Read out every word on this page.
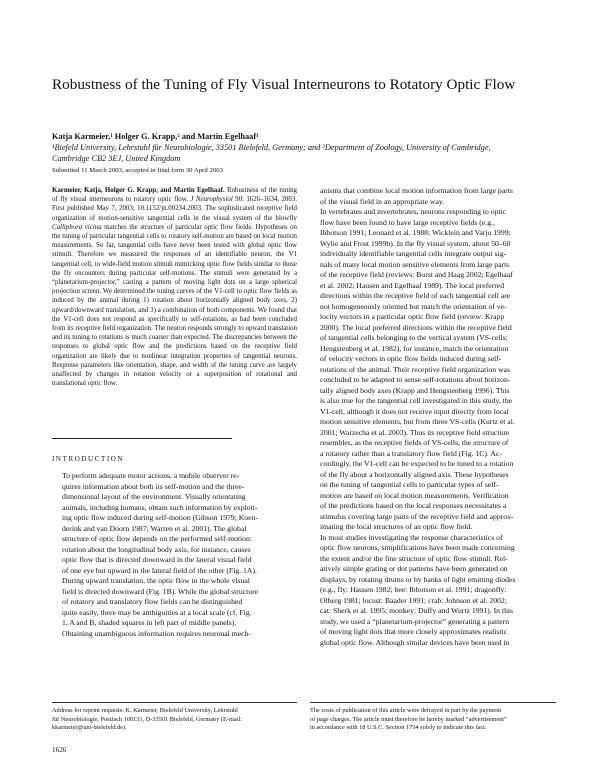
Robustness of the Tuning of Fly Visual Interneurons to Rotatory Optic Flow
Katja Karmeier,¹ Holger G. Krapp,² and Martin Egelhaaf¹
¹Biefeld University, Lehrstuhl für Neurobiologie, 33501 Bielefeld, Germany; and ²Department of Zoology, University of Cambridge,
Cambridge CB2 3EJ, United Kingdom
Submitted 11 March 2003; accepted in final form 30 April 2003

Karmeier, Katja, Holger G. Krapp, and Martin Egelhaaf. Robustness of the tuning of fly visual interneurons to rotatory optic flow. J Neurophysiol 90: 1626–1634, 2003. First published May 7, 2003; 10.1152/jn.00234.2003. The sophisticated receptive field organization of motion-sensitive tangential cells in the visual system of the blowfly Calliphora vicina matches the structure of particular optic flow fields. Hypotheses on the tuning of particular tangential cells to rotatory self-motion are based on local motion measurements. So far, tangential cells have never been tested with global optic flow stimuli. Therefore we measured the responses of an identifiable neuron, the V1 tangential cell, to wide-field motion stimuli mimicking optic flow fields similar to those the fly encounters during particular self-motions. The stimuli were generated by a “planetarium-projector,” casting a pattern of moving light dots on a large spherical projection screen. We determined the tuning curves of the V1-cell to optic flow fields as induced by the animal during 1) rotation about horizontally aligned body axes, 2) upward/downward translation, and 3) a combination of both components. We found that the V1-cell does not respond as specifically to self-rotations, as had been concluded from its receptive field organization. The neuron responds strongly to upward translation and its tuning to rotations is much coarser than expected. The discrepancies between the responses to global optic flow and the predictions based on the receptive field organization are likely due to nonlinear integration properties of tangential neurons. Response parameters like orientation, shape, and width of the tuning curve are largely unaffected by changes in rotation velocity or a superposition of rotational and translational optic flow.

INTRODUCTION
To perform adequate motor actions, a mobile observer re-
quires information about both its self-motion and the three-
dimensional layout of the environment. Visually orientating
animals, including humans, obtain such information by exploit-
ing optic flow induced during self-motion (Gibson 1979; Koen-
derink and van Doorn 1987; Warren et al. 2001). The global
structure of optic flow depends on the performed self-motion:
rotation about the longitudinal body axis, for instance, causes
optic flow that is directed downward in the lateral visual field
of one eye but upward in the lateral field of the other (Fig. 1A).
During upward translation, the optic flow in the whole visual
field is directed downward (Fig. 1B). While the global structure
of rotatory and translatory flow fields can be distinguished
quite easily, there may be ambiguities at a local scale (cf. Fig.
1, A and B, shaded squares in left part of middle panels).
Obtaining unambiguous information requires neuronal mech-
anisms that combine local motion information from large parts
of the visual field in an appropriate way.
In vertebrates and invertebrates, neurons responding to optic
flow have been found to have large receptive fields (e.g.,
Ibbotson 1991; Leonard et al. 1988; Wicklein and Varju 1999;
Wylie and Frost 1999b). In the fly visual system, about 50–60
individually identifiable tangential cells integrate output sig-
nals of many local motion sensitive elements from large parts
of the receptive field (reviews: Borst and Haag 2002; Egelhaaf
et al. 2002; Hausen and Egelhaaf 1989). The local preferred
directions within the receptive field of each tangential cell are
not homogeneously oriented but match the orientation of ve-
locity vectors in a particular optic flow field (review: Krapp
2000). The local preferred directions within the receptive field
of tangential cells belonging to the vertical system (VS-cells;
Hengstenberg et al. 1982), for instance, match the orientation
of velocity vectors in optic flow fields induced during self-
rotations of the animal. Their receptive field organization was
concluded to be adapted to sense self-rotations about horizon-
tally aligned body axes (Krapp and Hengstenberg 1996). This
is also true for the tangential cell investigated in this study, the
V1-cell, although it does not receive input directly from local
motion sensitive elements, but from three VS-cells (Kurtz et al.
2001; Warzecha et al. 2003). Thus its receptive field structure
resembles, as the receptive fields of VS-cells, the structure of
a rotatory rather than a translatory flow field (Fig. 1C). Ac-
cordingly, the V1-cell can be expected to be tuned to a rotation
of the fly about a horizontally aligned axis. These hypotheses
on the tuning of tangential cells to particular types of self-
motion are based on local motion measurements. Verification
of the predictions based on the local responses necessitates a
stimulus covering large parts of the receptive field and approx-
imating the local structures of an optic flow field.
In most studies investigating the response characteristics of
optic flow neurons, simplifications have been made concerning
the extent and/or the fine structure of optic flow stimuli. Rel-
atively simple grating or dot patterns have been generated on
displays, by rotating drums or by banks of light emitting diodes
(e.g., fly: Hausen 1982; bee: Ibbotson et al. 1991; dragonfly:
Olberg 1981; locust: Baader 1991; crab: Johnson et al. 2002;
cat: Sherk et al. 1995; monkey: Duffy and Wurtz 1991). In this
study, we used a “planetarium-projector” generating a pattern
of moving light dots that more closely approximates realistic
global optic flow. Although similar devices have been used in
Address for reprint requests: K. Karmeier, Bielefeld University, Lehrstuhl
für Neurobiologie, Postfach 100131, D-33501 Bielefeld, Germany (E-mail:
kkarmeier@uni-bielefeld.de).
The costs of publication of this article were defrayed in part by the payment
of page charges. The article must therefore be hereby marked “advertisement”
in accordance with 18 U.S.C. Section 1734 solely to indicate this fact.
1626
